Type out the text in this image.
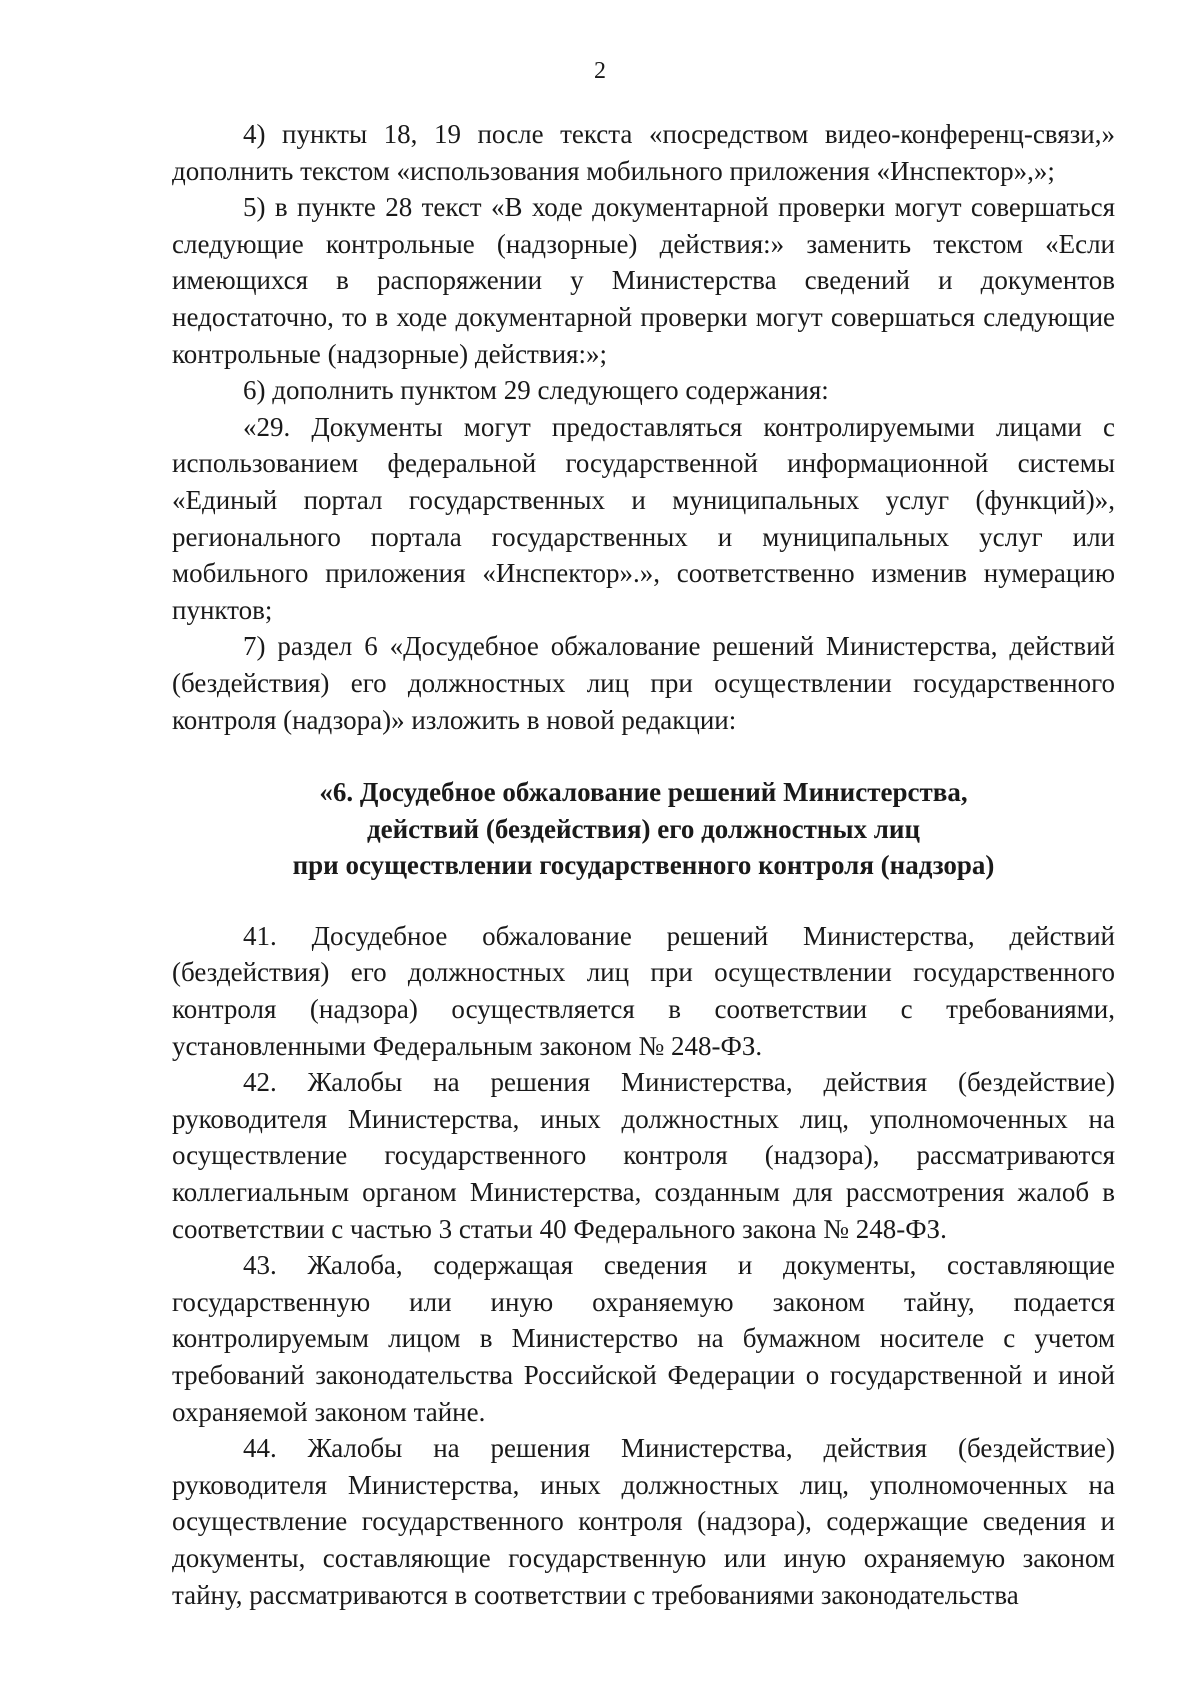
2

4) пункты 18, 19 после текста «посредством видео-конференц-связи,» дополнить текстом «использования мобильного приложения «Инспектор»,»;

5) в пункте 28 текст «В ходе документарной проверки могут совершаться следующие контрольные (надзорные) действия:» заменить текстом «Если имеющихся в распоряжении у Министерства сведений и документов недостаточно, то в ходе документарной проверки могут совершаться следующие контрольные (надзорные) действия:»;

6) дополнить пунктом 29 следующего содержания:

«29. Документы могут предоставляться контролируемыми лицами с использованием федеральной государственной информационной системы «Единый портал государственных и муниципальных услуг (функций)», регионального портала государственных и муниципальных услуг или мобильного приложения «Инспектор».», соответственно изменив нумерацию пунктов;

7) раздел 6 «Досудебное обжалование решений Министерства, действий (бездействия) его должностных лиц при осуществлении государственного контроля (надзора)» изложить в новой редакции:

«6. Досудебное обжалование решений Министерства,
действий (бездействия) его должностных лиц
при осуществлении государственного контроля (надзора)

41. Досудебное обжалование решений Министерства, действий (бездействия) его должностных лиц при осуществлении государственного контроля (надзора) осуществляется в соответствии с требованиями, установленными Федеральным законом № 248-ФЗ.

42. Жалобы на решения Министерства, действия (бездействие) руководителя Министерства, иных должностных лиц, уполномоченных на осуществление государственного контроля (надзора), рассматриваются коллегиальным органом Министерства, созданным для рассмотрения жалоб в соответствии с частью 3 статьи 40 Федерального закона № 248-ФЗ.

43. Жалоба, содержащая сведения и документы, составляющие государственную или иную охраняемую законом тайну, подается контролируемым лицом в Министерство на бумажном носителе с учетом требований законодательства Российской Федерации о государственной и иной охраняемой законом тайне.

44. Жалобы на решения Министерства, действия (бездействие) руководителя Министерства, иных должностных лиц, уполномоченных на осуществление государственного контроля (надзора), содержащие сведения и документы, составляющие государственную или иную охраняемую законом тайну, рассматриваются в соответствии с требованиями законодательства
